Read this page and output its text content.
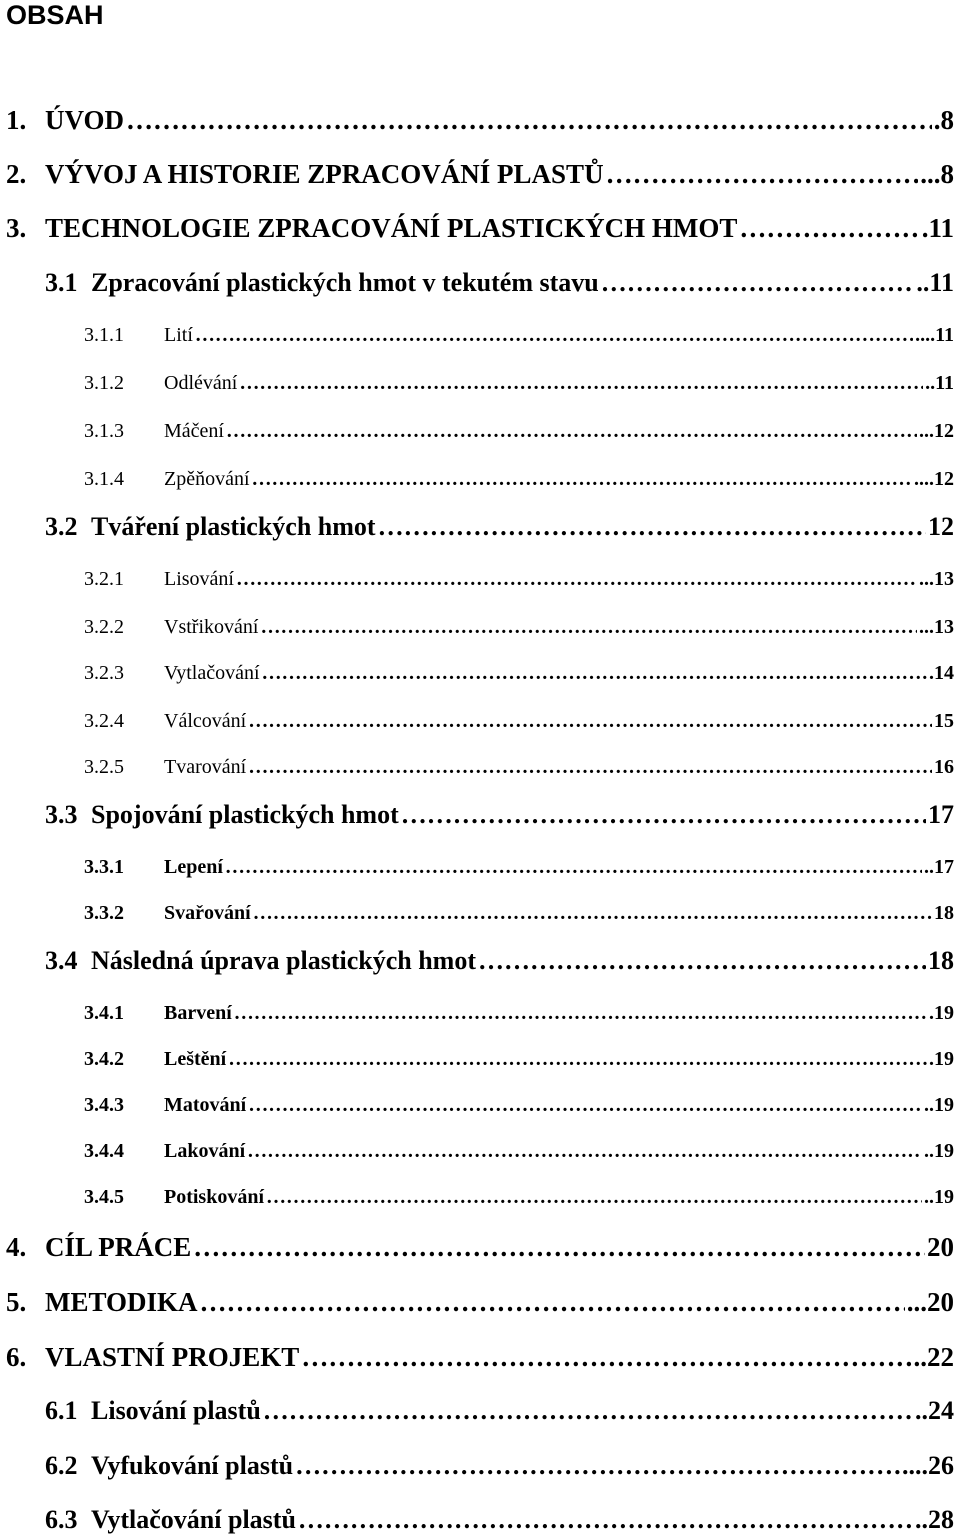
OBSAH
1. ÚVOD ………………………………………………………………………………………………………………………………………………………………………………………………	.8
2. VÝVOJ A HISTORIE ZPRACOVÁNÍ PLASTŮ ………………………………………………………………………………………………………………………………………………………………………………………………	...8
3. TECHNOLOGIE ZPRACOVÁNÍ PLASTICKÝCH HMOT ………………………………………………………………………………………………………………………………………………………………………………………………	.11
3.1 Zpracování plastických hmot v tekutém stavu ………………………………………………………………………………………………………………………………………………………………………………………………	..11
3.1.1	Lití ………………………………………………………………………………………………………………………………………………………………………………………………	....11
3.1.2	Odlévání ………………………………………………………………………………………………………………………………………………………………………………………………	..11
3.1.3	Máčení ………………………………………………………………………………………………………………………………………………………………………………………………	...12
3.1.4	Zpěňování ………………………………………………………………………………………………………………………………………………………………………………………………	....12
3.2 Tváření plastických hmot ………………………………………………………………………………………………………………………………………………………………………………………………	12
3.2.1	Lisování ………………………………………………………………………………………………………………………………………………………………………………………………	...13
3.2.2	Vstřikování ………………………………………………………………………………………………………………………………………………………………………………………………	...13
3.2.3	Vytlačování ………………………………………………………………………………………………………………………………………………………………………………………………	.14
3.2.4	Válcování ………………………………………………………………………………………………………………………………………………………………………………………………	15
3.2.5	Tvarování ………………………………………………………………………………………………………………………………………………………………………………………………	16
3.3 Spojování plastických hmot ………………………………………………………………………………………………………………………………………………………………………………………………	17
3.3.1	Lepení ………………………………………………………………………………………………………………………………………………………………………………………………	..17
3.3.2	Svařování ………………………………………………………………………………………………………………………………………………………………………………………………	18
3.4 Následná úprava plastických hmot ………………………………………………………………………………………………………………………………………………………………………………………………	18
3.4.1	Barvení ………………………………………………………………………………………………………………………………………………………………………………………………	.19
3.4.2	Leštění ………………………………………………………………………………………………………………………………………………………………………………………………	.19
3.4.3	Matování ………………………………………………………………………………………………………………………………………………………………………………………………	..19
3.4.4	Lakování ………………………………………………………………………………………………………………………………………………………………………………………………	..19
3.4.5	Potiskování ………………………………………………………………………………………………………………………………………………………………………………………………	..19
4. CÍL PRÁCE ………………………………………………………………………………………………………………………………………………………………………………………………	20
5. METODIKA ………………………………………………………………………………………………………………………………………………………………………………………………	...20
6. VLASTNÍ PROJEKT ………………………………………………………………………………………………………………………………………………………………………………………………	..22
6.1 Lisování plastů ………………………………………………………………………………………………………………………………………………………………………………………………	..24
6.2 Vyfukování plastů ………………………………………………………………………………………………………………………………………………………………………………………………	....26
6.3 Vytlačování plastů ………………………………………………………………………………………………………………………………………………………………………………………………	..28
